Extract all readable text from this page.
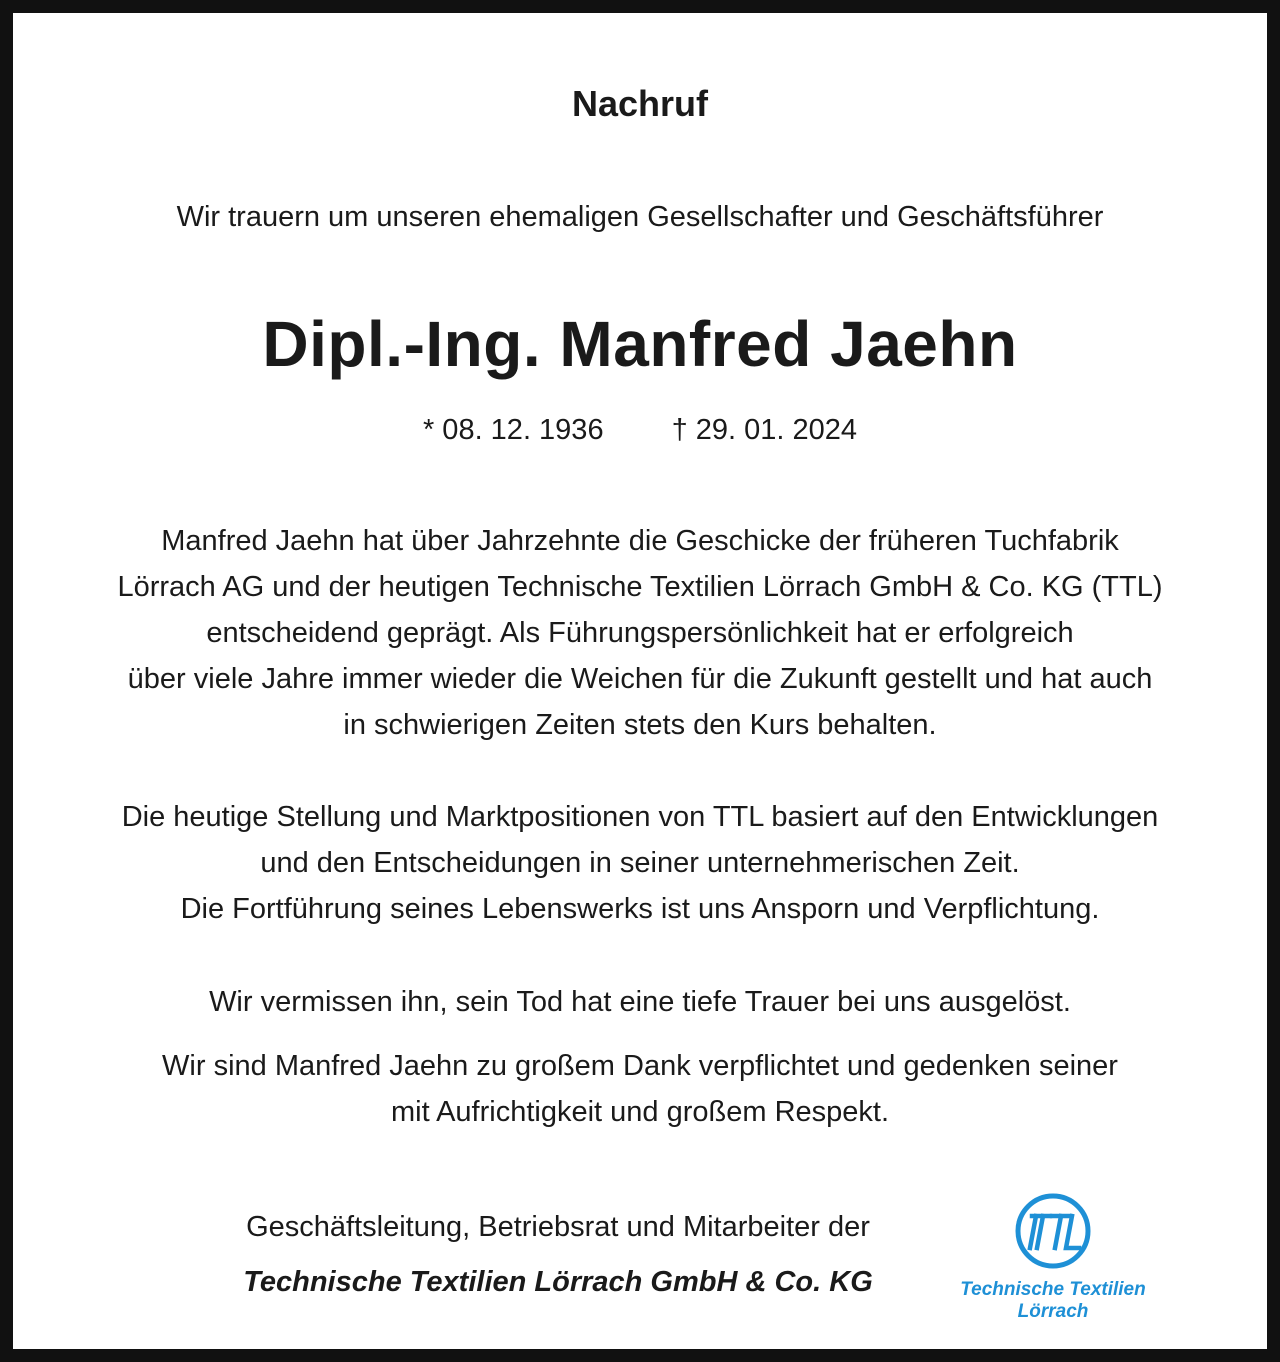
Nachruf

Wir trauern um unseren ehemaligen Gesellschafter und Geschäftsführer

Dipl.-Ing. Manfred Jaehn

* 08. 12. 1936 † 29. 01. 2024

Manfred Jaehn hat über Jahrzehnte die Geschicke der früheren Tuchfabrik
Lörrach AG und der heutigen Technische Textilien Lörrach GmbH & Co. KG (TTL)
entscheidend geprägt. Als Führungspersönlichkeit hat er erfolgreich
über viele Jahre immer wieder die Weichen für die Zukunft gestellt und hat auch
in schwierigen Zeiten stets den Kurs behalten.

Die heutige Stellung und Marktpositionen von TTL basiert auf den Entwicklungen
und den Entscheidungen in seiner unternehmerischen Zeit.
Die Fortführung seines Lebenswerks ist uns Ansporn und Verpflichtung.

Wir vermissen ihn, sein Tod hat eine tiefe Trauer bei uns ausgelöst.

Wir sind Manfred Jaehn zu großem Dank verpflichtet und gedenken seiner
mit Aufrichtigkeit und großem Respekt.

Geschäftsleitung, Betriebsrat und Mitarbeiter der

Technische Textilien Lörrach GmbH & Co. KG	Technische Textilien

Lörrach
